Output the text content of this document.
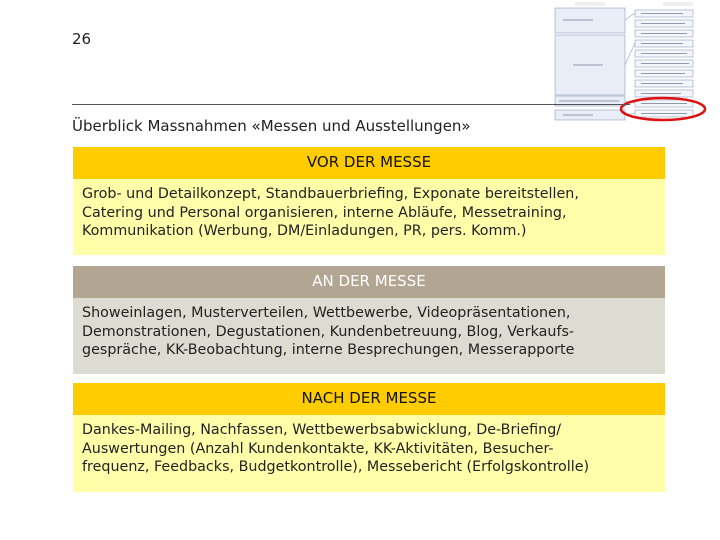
26
Überblick Massnahmen «Messen und Ausstellungen»
VOR DER MESSE
Grob- und Detailkonzept, Standbauerbriefing, Exponate bereitstellen,
Catering und Personal organisieren, interne Abläufe, Messetraining,
Kommunikation (Werbung, DM/Einladungen, PR, pers. Komm.)
AN DER MESSE
Showeinlagen, Musterverteilen, Wettbewerbe, Videopräsentationen,
Demonstrationen, Degustationen, Kundenbetreuung, Blog, Verkaufs-
gespräche, KK-Beobachtung, interne Besprechungen, Messerapporte
NACH DER MESSE
Dankes-Mailing, Nachfassen, Wettbewerbsabwicklung, De-Briefing/
Auswertungen (Anzahl Kundenkontakte, KK-Aktivitäten, Besucher-
frequenz, Feedbacks, Budgetkontrolle), Messebericht (Erfolgskontrolle)
